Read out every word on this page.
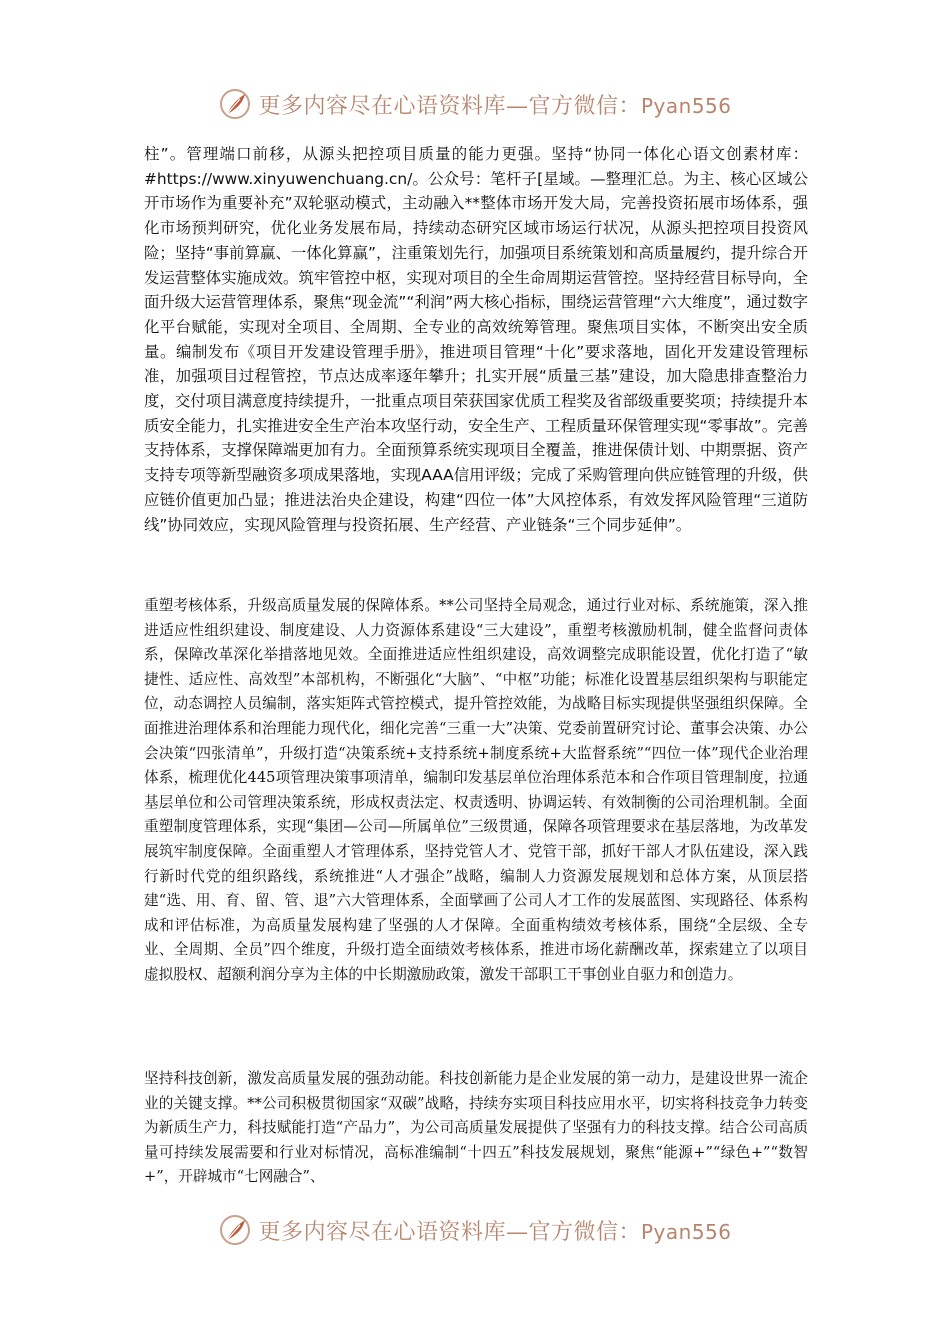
更多内容尽在心语资料库—官方微信：Pyan556

柱”。管理端口前移，从源头把控项目质量的能力更强。坚持“协同一体化心语文创素材库：#https://www.xinyuwenchuang.cn/。公众号：笔杆子[星域。—整理汇总。为主、核心区域公开市场作为重要补充”双轮驱动模式，主动融入**整体市场开发大局，完善投资拓展市场体系，强化市场预判研究，优化业务发展布局，持续动态研究区域市场运行状况，从源头把控项目投资风险；坚持“事前算赢、一体化算赢”，注重策划先行，加强项目系统策划和高质量履约，提升综合开发运营整体实施成效。筑牢管控中枢，实现对项目的全生命周期运营管控。坚持经营目标导向，全面升级大运营管理体系，聚焦“现金流”“利润”两大核心指标，围绕运营管理“六大维度”，通过数字化平台赋能，实现对全项目、全周期、全专业的高效统筹管理。聚焦项目实体，不断突出安全质量。编制发布《项目开发建设管理手册》，推进项目管理“十化”要求落地，固化开发建设管理标准，加强项目过程管控，节点达成率逐年攀升；扎实开展“质量三基”建设，加大隐患排查整治力度，交付项目满意度持续提升，一批重点项目荣获国家优质工程奖及省部级重要奖项；持续提升本质安全能力，扎实推进安全生产治本攻坚行动，安全生产、工程质量环保管理实现“零事故”。完善支持体系，支撑保障端更加有力。全面预算系统实现项目全覆盖，推进保债计划、中期票据、资产支持专项等新型融资多项成果落地，实现AAA信用评级；完成了采购管理向供应链管理的升级，供应链价值更加凸显；推进法治央企建设，构建“四位一体”大风控体系，有效发挥风险管理“三道防线”协同效应，实现风险管理与投资拓展、生产经营、产业链条“三个同步延伸”。

重塑考核体系，升级高质量发展的保障体系。**公司坚持全局观念，通过行业对标、系统施策，深入推进适应性组织建设、制度建设、人力资源体系建设“三大建设”，重塑考核激励机制，健全监督问责体系，保障改革深化举措落地见效。全面推进适应性组织建设，高效调整完成职能设置，优化打造了“敏捷性、适应性、高效型”本部机构，不断强化“大脑”、“中枢”功能；标准化设置基层组织架构与职能定位，动态调控人员编制，落实矩阵式管控模式，提升管控效能，为战略目标实现提供坚强组织保障。全面推进治理体系和治理能力现代化，细化完善“三重一大”决策、党委前置研究讨论、董事会决策、办公会决策“四张清单”，升级打造“决策系统+支持系统+制度系统+大监督系统”“四位一体”现代企业治理体系，梳理优化445项管理决策事项清单，编制印发基层单位治理体系范本和合作项目管理制度，拉通基层单位和公司管理决策系统，形成权责法定、权责透明、协调运转、有效制衡的公司治理机制。全面重塑制度管理体系，实现“集团—公司—所属单位”三级贯通，保障各项管理要求在基层落地，为改革发展筑牢制度保障。全面重塑人才管理体系，坚持党管人才、党管干部，抓好干部人才队伍建设，深入践行新时代党的组织路线，系统推进“人才强企”战略，编制人力资源发展规划和总体方案，从顶层搭建“选、用、育、留、管、退”六大管理体系，全面擘画了公司人才工作的发展蓝图、实现路径、体系构成和评估标准，为高质量发展构建了坚强的人才保障。全面重构绩效考核体系，围绕“全层级、全专业、全周期、全员”四个维度，升级打造全面绩效考核体系，推进市场化薪酬改革，探索建立了以项目虚拟股权、超额利润分享为主体的中长期激励政策，激发干部职工干事创业自驱力和创造力。

坚持科技创新，激发高质量发展的强劲动能。科技创新能力是企业发展的第一动力，是建设世界一流企业的关键支撑。**公司积极贯彻国家“双碳”战略，持续夯实项目科技应用水平，切实将科技竞争力转变为新质生产力，科技赋能打造“产品力”，为公司高质量发展提供了坚强有力的科技支撑。结合公司高质量可持续发展需要和行业对标情况，高标准编制“十四五”科技发展规划，聚焦“能源+”“绿色+”“数智+”，开辟城市“七网融合”、

更多内容尽在心语资料库—官方微信：Pyan556
